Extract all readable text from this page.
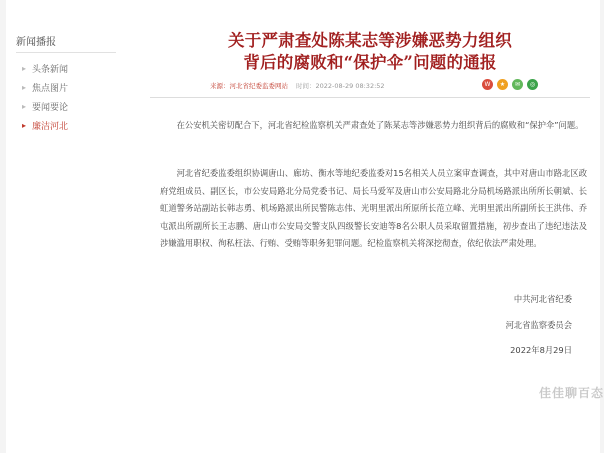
新闻播报
▸ 头条新闻
▸ 焦点图片
▸ 要闻要论
▸ 廉洁河北
关于严肃查处陈某志等涉嫌恶势力组织
背后的腐败和“保护伞”问题的通报
来源：河北省纪委监委网站 时间：2022-08-29 08:32:52	W	★	✉	◎

在公安机关密切配合下，河北省纪检监察机关严肃查处了陈某志等涉嫌恶势力组织背后的腐败和“保护伞”问题。

河北省纪委监委组织协调唐山、廊坊、衡水等地纪委监委对15名相关人员立案审查调查，其中对唐山市路北区政府党组成员、副区长，市公安局路北分局党委书记、局长马爱军及唐山市公安局路北分局机场路派出所所长朝斌、长虹道警务站副站长韩志勇、机场路派出所民警陈志伟、光明里派出所原所长范立峰、光明里派出所副所长王洪伟、乔屯派出所副所长王志鹏、唐山市公安局交警支队四级警长安迪等8名公职人员采取留置措施，初步查出了违纪违法及涉嫌滥用职权、徇私枉法、行贿、受贿等职务犯罪问题。纪检监察机关将深挖彻查，依纪依法严肃处理。

中共河北省纪委
河北省监察委员会
2022年8月29日
佳佳聊百态
